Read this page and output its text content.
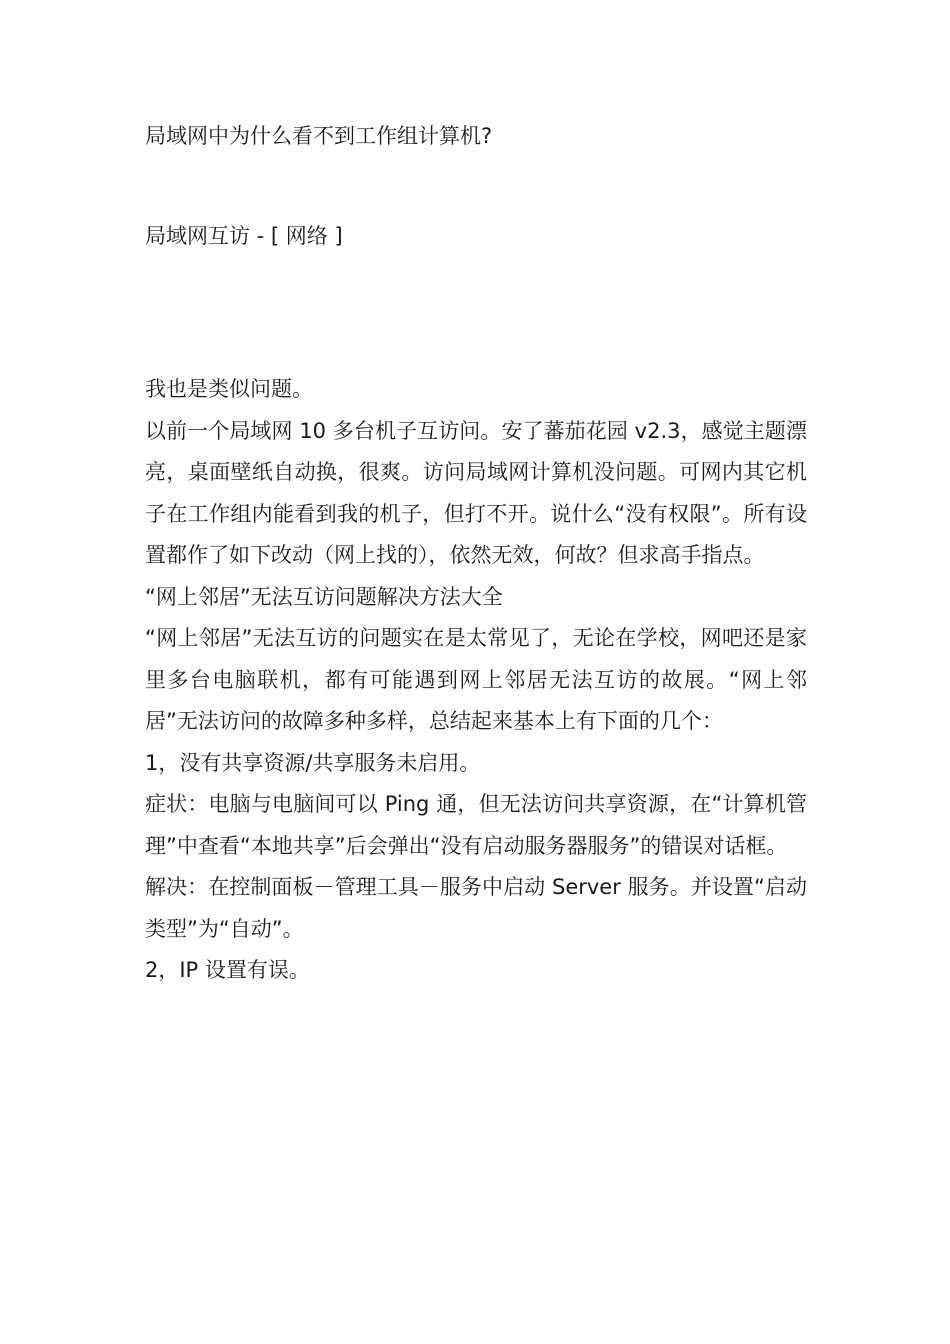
局域网中为什么看不到工作组计算机?
局域网互访 - [ 网络 ]

我也是类似问题。

以前一个局域网 10 多台机子互访问。安了蕃茄花园 v2.3，感觉主题漂亮，桌面壁纸自动换，很爽。访问局域网计算机没问题。可网内其它机子在工作组内能看到我的机子，但打不开。说什么“没有权限”。所有设置都作了如下改动（网上找的），依然无效，何故？但求高手指点。

“网上邻居”无法互访问题解决方法大全

“网上邻居”无法互访的问题实在是太常见了，无论在学校，网吧还是家里多台电脑联机，都有可能遇到网上邻居无法互访的故展。“网上邻居”无法访问的故障多种多样，总结起来基本上有下面的几个：

1，没有共享资源/共享服务未启用。

症状：电脑与电脑间可以 Ping 通，但无法访问共享资源，在“计算机管理”中查看“本地共享”后会弹出“没有启动服务器服务”的错误对话框。

解决：在控制面板－管理工具－服务中启动 Server 服务。并设置“启动类型”为“自动”。

2，IP 设置有误。
